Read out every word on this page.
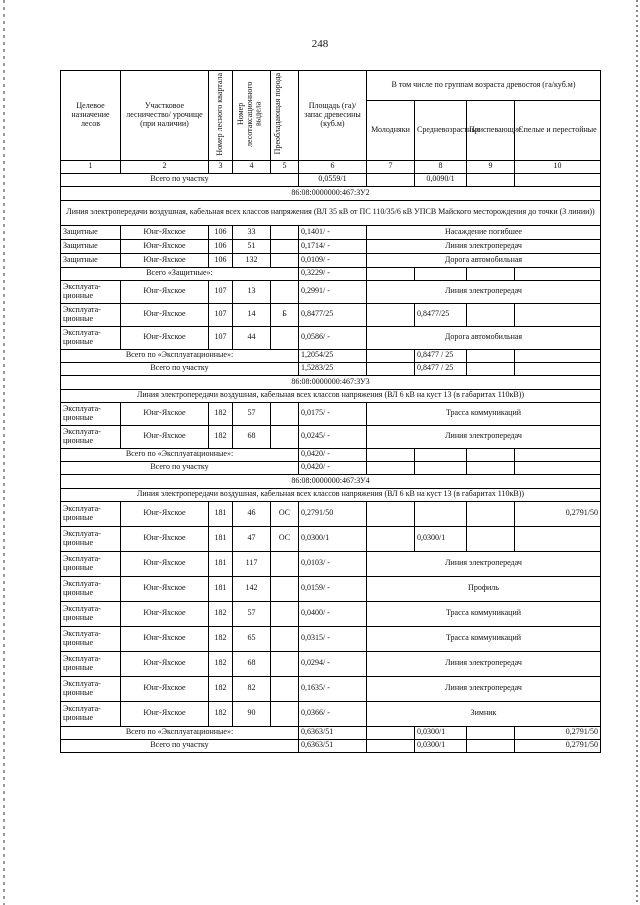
248
Целевое назначение лесов	Участковое лесничество/ урочище (при наличии)	Номер лесного квартала	Номер лесотаксационного выдела	Преобладающая порода	Площадь (га)/запас древесины (куб.м)	В том числе по группам возраста древостоя (га/куб.м)			
						Молодняки	Средневозрастные	Приспевающие	Спелые и перестойные
1	2	3	4	5	6	7	8	9	10
Всего по участку					0,0559/1		0,0090/1		
86:08:0000000:467:ЗУ2									
Линия электропередачи воздушная, кабельная всех классов напряжения (ВЛ 35 кВ от ПС 110/35/6 кВ УПСВ Майского месторождения до точки (3 линии))									
Защитные	Юнг-Яхское	106	33		0,1401/ -	Насаждение погибшее			
Защитные	Юнг-Яхское	106	51		0,1714/ -	Линия электропередач			
Защитные	Юнг-Яхское	106	132		0,0109/ -	Дорога автомобильная			
Всего «Защитные»:					0,3229/ -				
Эксплуата-ционные	Юнг-Яхское	107	13		0,2991/ -	Линия электропередач			
Эксплуата-ционные	Юнг-Яхское	107	14	Б	0,8477/25		0,8477/25		
Эксплуата-ционные	Юнг-Яхское	107	44		0,0586/ -	Дорога автомобильная			
Всего по «Эксплуатационные»:					1,2054/25		0,8477 / 25		
Всего по участку					1,5283/25		0,8477 / 25		
86:08:0000000:467:ЗУ3									
Линия электропередачи воздушная, кабельная всех классов напряжения (ВЛ 6 кВ на куст 13 (в габаритах 110кВ))									
Эксплуата-ционные	Юнг-Яхское	182	57		0,0175/ -	Трасса коммуникаций			
Эксплуата-ционные	Юнг-Яхское	182	68		0,0245/ -	Линия электропередач			
Всего по «Эксплуатационные»:					0,0420/ -				
Всего по участку					0,0420/ -				
86:08:0000000:467:ЗУ4									
Линия электропередачи воздушная, кабельная всех классов напряжения (ВЛ 6 кВ на куст 13 (в габаритах 110кВ))									
Эксплуата-ционные	Юнг-Яхское	181	46	ОС	0,2791/50				0,2791/50
Эксплуата-ционные	Юнг-Яхское	181	47	ОС	0,0300/1		0,0300/1		
Эксплуата-ционные	Юнг-Яхское	181	117		0,0103/ -	Линия электропередач			
Эксплуата-ционные	Юнг-Яхское	181	142		0,0159/ -	Профиль			
Эксплуата-ционные	Юнг-Яхское	182	57		0,0400/ -	Трасса коммуникаций			
Эксплуата-ционные	Юнг-Яхское	182	65		0,0315/ -	Трасса коммуникаций			
Эксплуата-ционные	Юнг-Яхское	182	68		0,0294/ -	Линия электропередач			
Эксплуата-ционные	Юнг-Яхское	182	82		0,1635/ -	Линия электропередач			
Эксплуата-ционные	Юнг-Яхское	182	90		0,0366/ -	Зимник			
Всего по «Эксплуатационные»:					0,6363/51		0,0300/1		0,2791/50
Всего по участку					0,6363/51		0,0300/1		0,2791/50
